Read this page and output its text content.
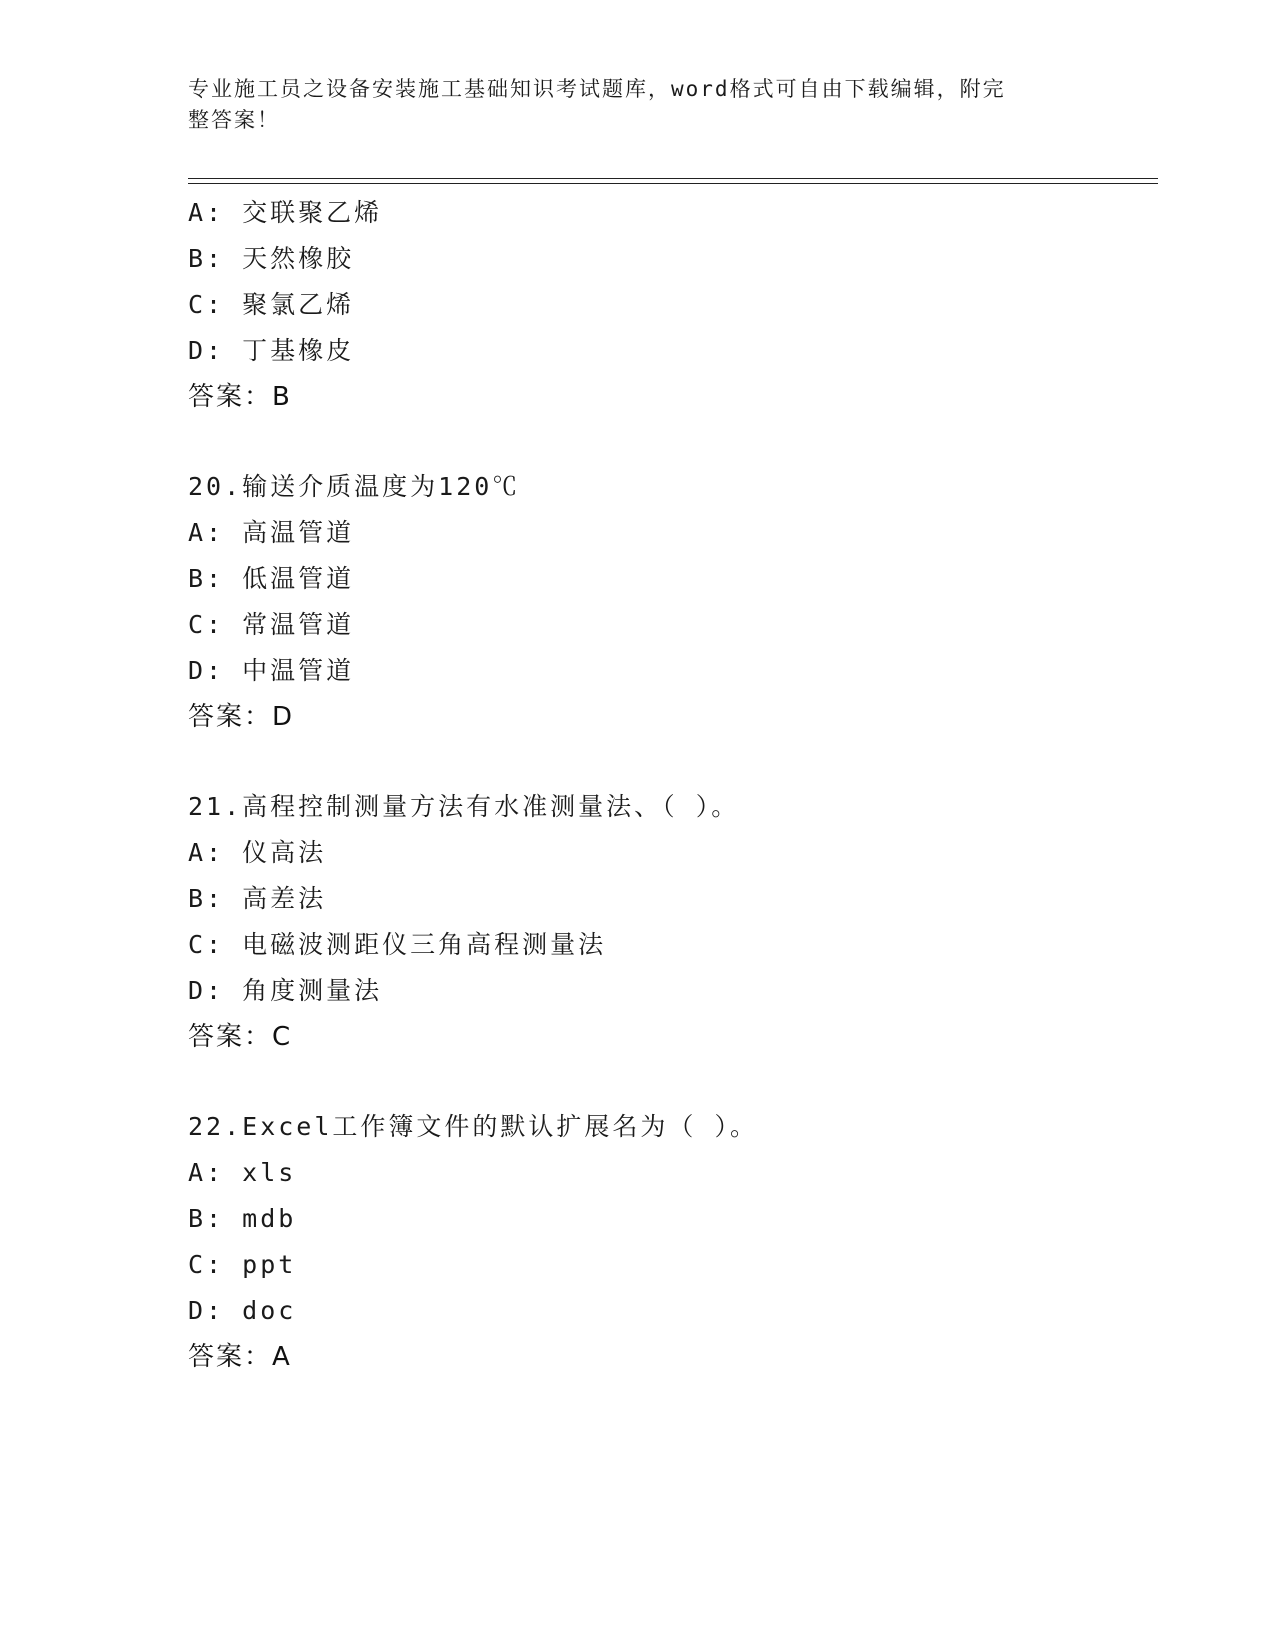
专业施工员之设备安装施工基础知识考试题库，word格式可自由下载编辑，附完
整答案！
A: 交联聚乙烯
B: 天然橡胶
C: 聚氯乙烯
D: 丁基橡皮
答案：B
20.输送介质温度为120℃
A: 高温管道
B: 低温管道
C: 常温管道
D: 中温管道
答案：D
21.高程控制测量方法有水准测量法、（ ）。
A: 仪高法
B: 高差法
C: 电磁波测距仪三角高程测量法
D: 角度测量法
答案：C
22.Excel工作簿文件的默认扩展名为（ ）。
A: xls
B: mdb
C: ppt
D: doc
答案：A
